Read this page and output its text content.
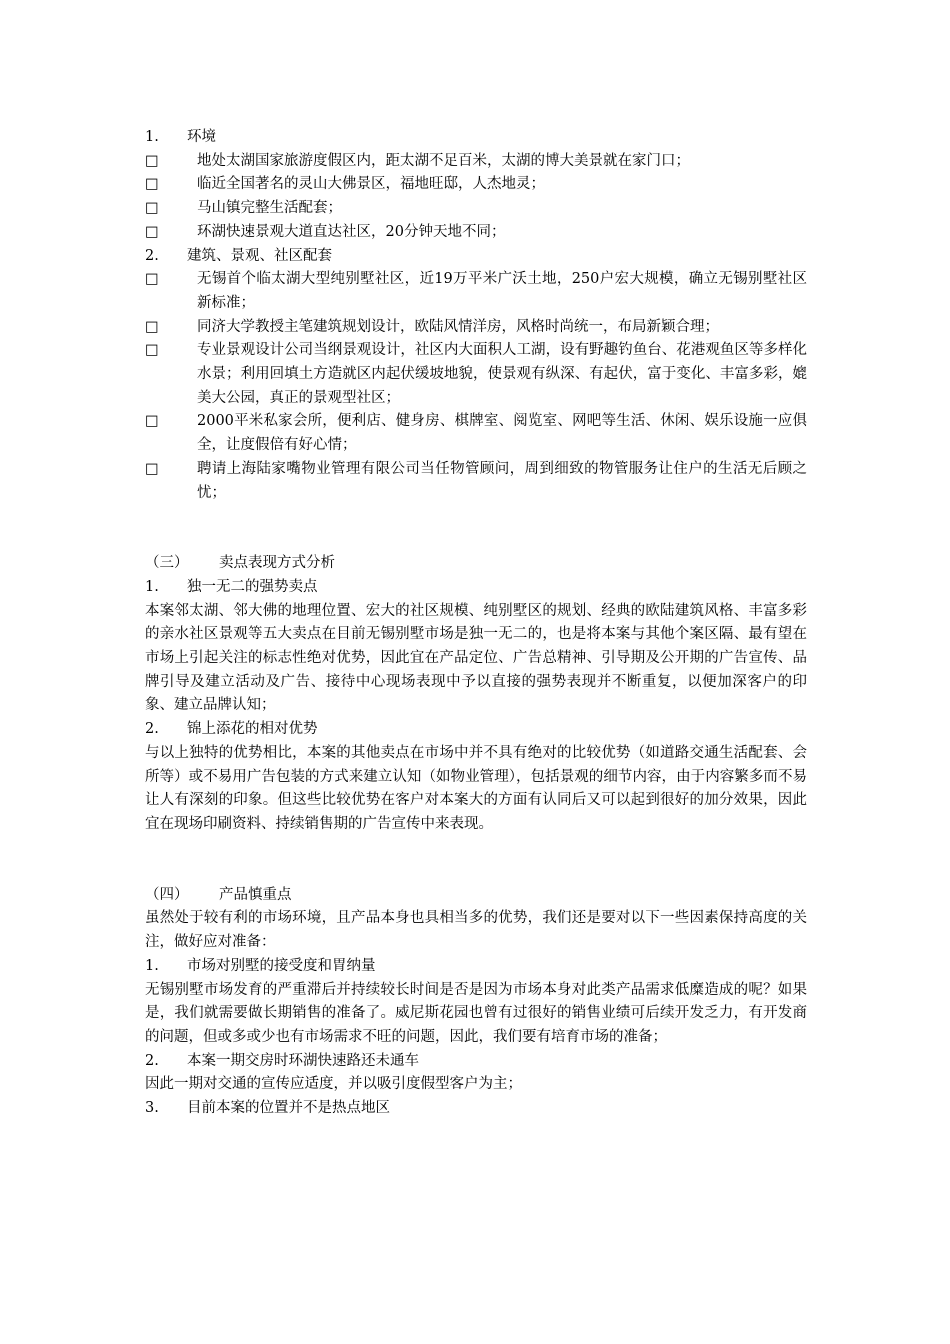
1.	环境
□	地处太湖国家旅游度假区内，距太湖不足百米，太湖的博大美景就在家门口；
□	临近全国著名的灵山大佛景区，福地旺邸，人杰地灵；
□	马山镇完整生活配套；
□	环湖快速景观大道直达社区，20分钟天地不同；
2.	建筑、景观、社区配套
□	无锡首个临太湖大型纯别墅社区，近19万平米广沃土地，250户宏大规模，确立无锡别墅社区新标准；
□	同济大学教授主笔建筑规划设计，欧陆风情洋房，风格时尚统一，布局新颖合理；
□	专业景观设计公司当纲景观设计，社区内大面积人工湖，设有野趣钓鱼台、花港观鱼区等多样化水景；利用回填土方造就区内起伏缓坡地貌，使景观有纵深、有起伏，富于变化、丰富多彩，媲美大公园，真正的景观型社区；
□	2000平米私家会所，便利店、健身房、棋牌室、阅览室、网吧等生活、休闲、娱乐设施一应俱全，让度假倍有好心情；
□	聘请上海陆家嘴物业管理有限公司当任物管顾问，周到细致的物管服务让住户的生活无后顾之忧；
（三）	卖点表现方式分析
1.	独一无二的强势卖点
本案邻太湖、邻大佛的地理位置、宏大的社区规模、纯别墅区的规划、经典的欧陆建筑风格、丰富多彩的亲水社区景观等五大卖点在目前无锡别墅市场是独一无二的，也是将本案与其他个案区隔、最有望在市场上引起关注的标志性绝对优势，因此宜在产品定位、广告总精神、引导期及公开期的广告宣传、品牌引导及建立活动及广告、接待中心现场表现中予以直接的强势表现并不断重复，以便加深客户的印象、建立品牌认知；
2.	锦上添花的相对优势
与以上独特的优势相比，本案的其他卖点在市场中并不具有绝对的比较优势（如道路交通生活配套、会所等）或不易用广告包装的方式来建立认知（如物业管理），包括景观的细节内容，由于内容繁多而不易让人有深刻的印象。但这些比较优势在客户对本案大的方面有认同后又可以起到很好的加分效果，因此宜在现场印刷资料、持续销售期的广告宣传中来表现。
（四）	产品慎重点
虽然处于较有利的市场环境，且产品本身也具相当多的优势，我们还是要对以下一些因素保持高度的关注，做好应对准备：
1.	市场对别墅的接受度和胃纳量
无锡别墅市场发育的严重滞后并持续较长时间是否是因为市场本身对此类产品需求低糜造成的呢？如果是，我们就需要做长期销售的准备了。威尼斯花园也曾有过很好的销售业绩可后续开发乏力，有开发商的问题，但或多或少也有市场需求不旺的问题，因此，我们要有培育市场的准备；
2.	本案一期交房时环湖快速路还未通车
因此一期对交通的宣传应适度，并以吸引度假型客户为主；
3.	目前本案的位置并不是热点地区
